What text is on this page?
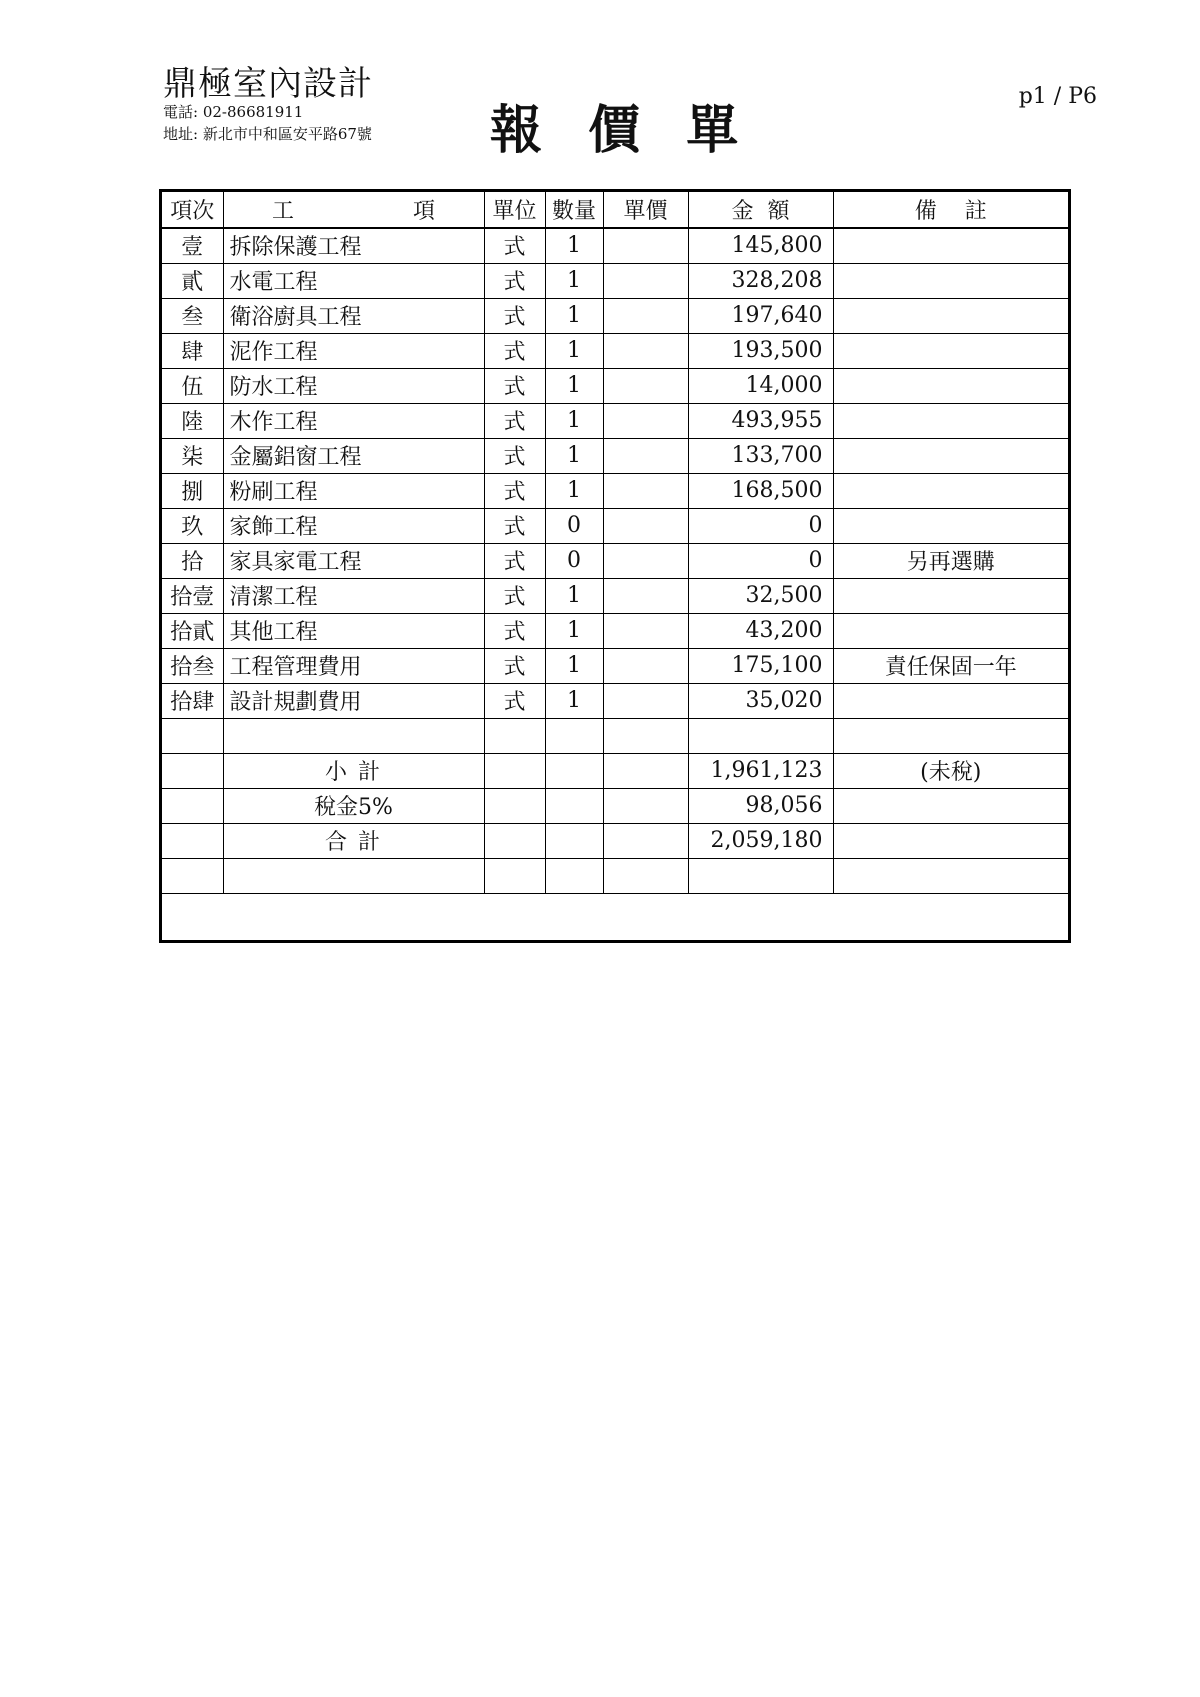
鼎極室內設計
電話: 02-86681911
地址: 新北市中和區安平路67號 報 價 單
p1 / P6
項次	工 項	單位	數量	單價	金  額	備    註
壹	拆除保護工程	式	1		145,800	
貳	水電工程	式	1		328,208	
叁	衛浴廚具工程	式	1		197,640	
肆	泥作工程	式	1		193,500	
伍	防水工程	式	1		14,000	
陸	木作工程	式	1		493,955	
柒	金屬鋁窗工程	式	1		133,700	
捌	粉刷工程	式	1		168,500	
玖	家飾工程	式	0		0	
拾	家具家電工程	式	0		0	另再選購
拾壹	清潔工程	式	1		32,500	
拾貳	其他工程	式	1		43,200	
拾叁	工程管理費用	式	1		175,100	責任保固一年
拾肆	設計規劃費用	式	1		35,020	

	小 計				1,961,123	(未稅)
	稅金5%				98,056	
	合 計				2,059,180	
